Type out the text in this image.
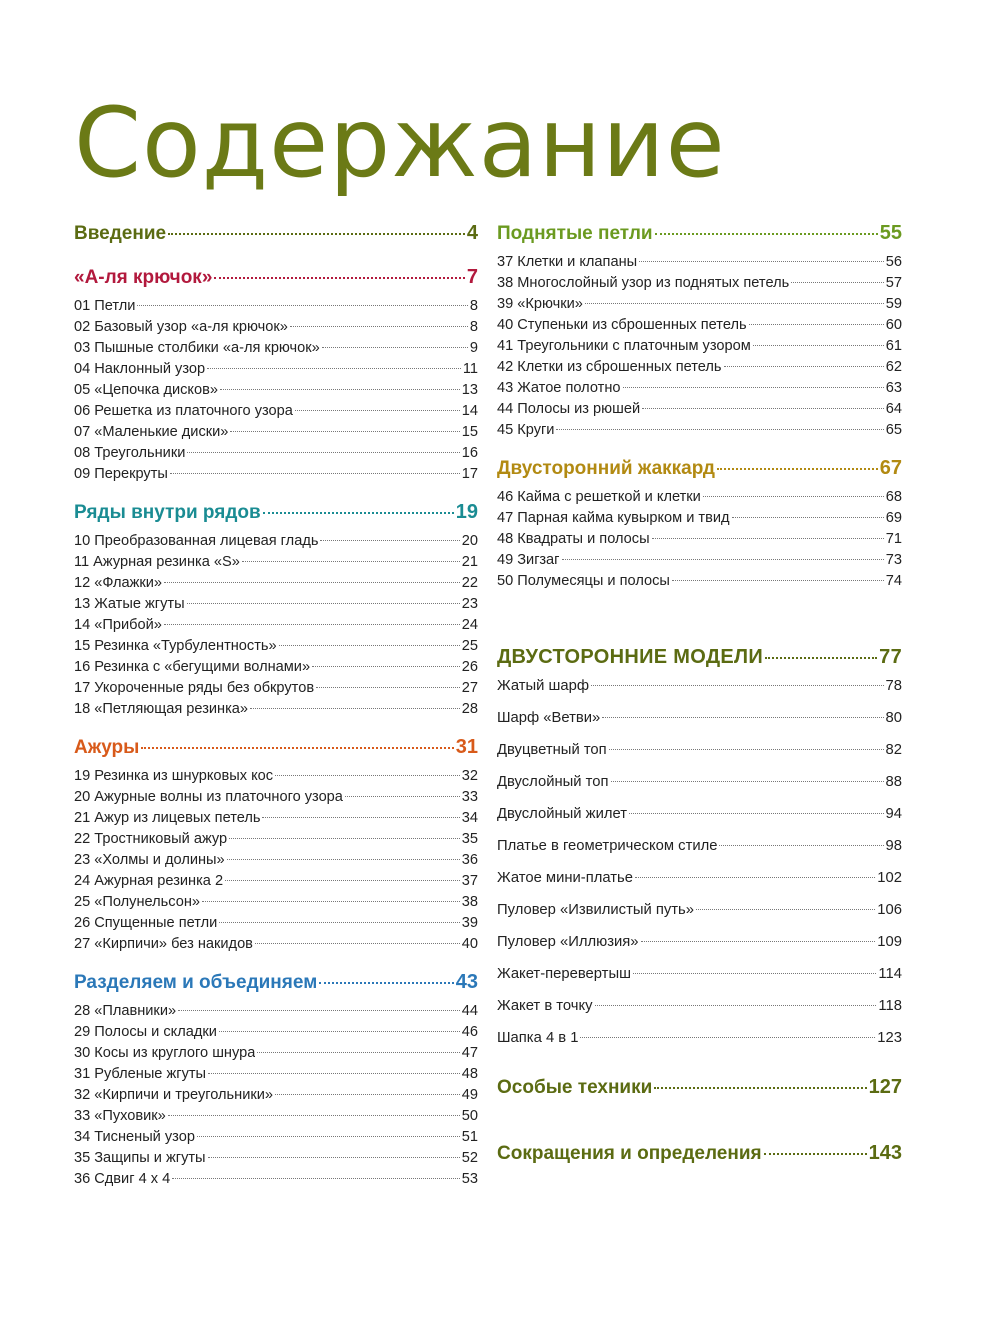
Содержание
Введение	4
«А-ля крючок»	7
01 Петли	8
02 Базовый узор «а-ля крючок»	8
03 Пышные столбики «а-ля крючок»	9
04 Наклонный узор	11
05 «Цепочка дисков»	13
06 Решетка из платочного узора	14
07 «Маленькие диски»	15
08 Треугольники	16
09 Перекруты	17
Ряды внутри рядов	19
10 Преобразованная лицевая гладь	20
11 Ажурная резинка «S»	21
12 «Флажки»	22
13 Жатые жгуты	23
14 «Прибой»	24
15 Резинка «Турбулентность»	25
16 Резинка с «бегущими волнами»	26
17 Укороченные ряды без обкрутов	27
18 «Петляющая резинка»	28
Ажуры	31
19 Резинка из шнурковых кос	32
20 Ажурные волны из платочного узора	33
21 Ажур из лицевых петель	34
22 Тростниковый ажур	35
23 «Холмы и долины»	36
24 Ажурная резинка 2	37
25 «Полунельсон»	38
26 Спущенные петли	39
27 «Кирпичи» без накидов	40
Разделяем и объединяем	43
28 «Плавники»	44
29 Полосы и складки	46
30 Косы из круглого шнура	47
31 Рубленые жгуты	48
32 «Кирпичи и треугольники»	49
33 «Пуховик»	50
34 Тисненый узор	51
35 Защипы и жгуты	52
36 Сдвиг 4 x 4	53
Поднятые петли	55
37 Клетки и клапаны	56
38 Многослойный узор из поднятых петель	57
39 «Крючки»	59
40 Ступеньки из сброшенных петель	60
41 Треугольники с платочным узором	61
42 Клетки из сброшенных петель	62
43 Жатое полотно	63
44 Полосы из рюшей	64
45 Круги	65
Двусторонний жаккард	67
46 Кайма с решеткой и клетки	68
47 Парная кайма кувырком и твид	69
48 Квадраты и полосы	71
49 Зигзаг	73
50 Полумесяцы и полосы	74
ДВУСТОРОННИЕ МОДЕЛИ	77
Жатый шарф	78
Шарф «Ветви»	80
Двуцветный топ	82
Двуслойный топ	88
Двуслойный жилет	94
Платье в геометрическом стиле	98
Жатое мини-платье	102
Пуловер «Извилистый путь»	106
Пуловер «Иллюзия»	109
Жакет-перевертыш	114
Жакет в точку	118
Шапка 4 в 1	123
Особые техники	127
Сокращения и определения	143
